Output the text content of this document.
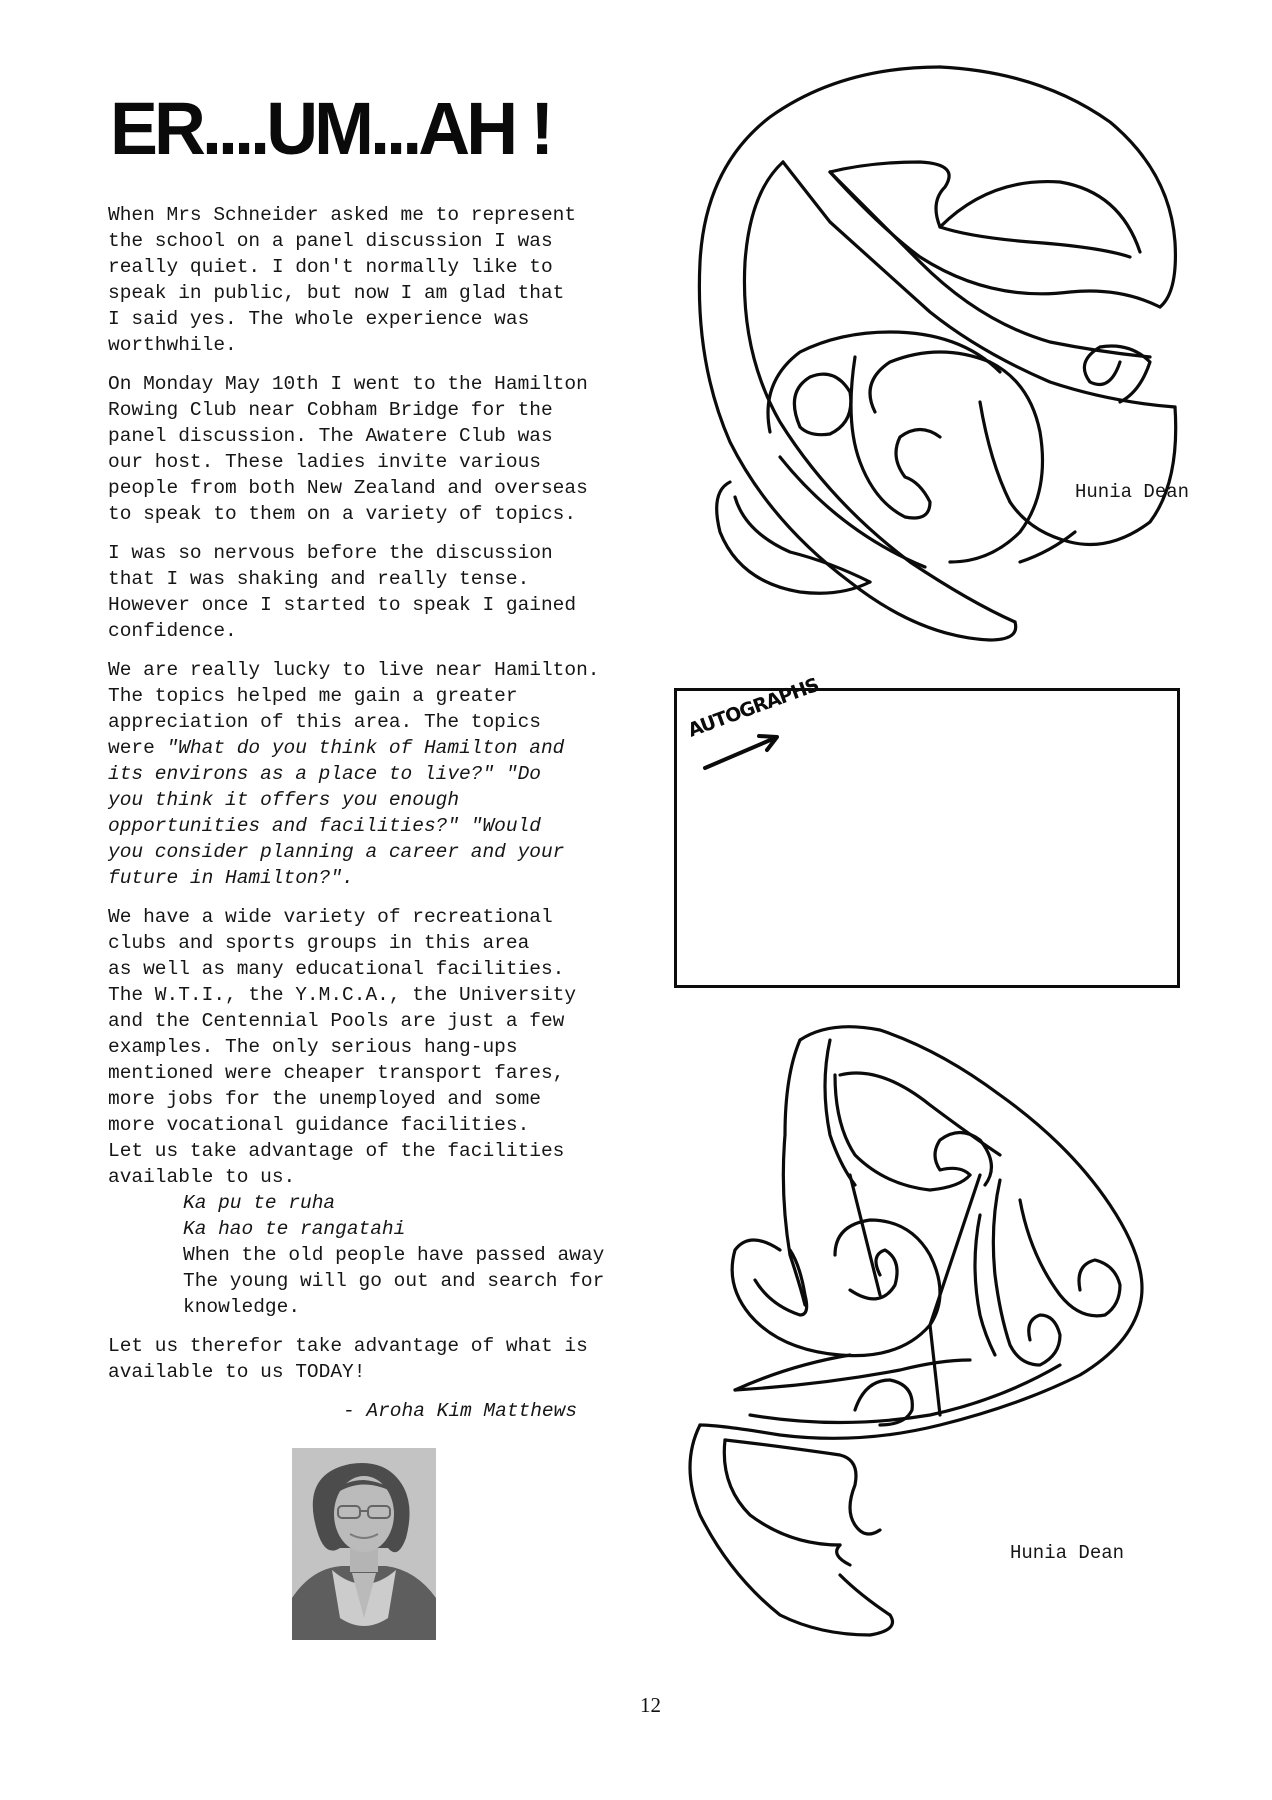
ER....UM...AH !

When Mrs Schneider asked me to represent
the school on a panel discussion I was
really quiet. I don't normally like to
speak in public, but now I am glad that
I said yes. The whole experience was
worthwhile.

On Monday May 10th I went to the Hamilton
Rowing Club near Cobham Bridge for the
panel discussion. The Awatere Club was
our host. These ladies invite various
people from both New Zealand and overseas
to speak to them on a variety of topics.

I was so nervous before the discussion
that I was shaking and really tense.
However once I started to speak I gained
confidence.

We are really lucky to live near Hamilton.
The topics helped me gain a greater
appreciation of this area. The topics
were "What do you think of Hamilton and
its environs as a place to live?" "Do
you think it offers you enough
opportunities and facilities?" "Would
you consider planning a career and your
future in Hamilton?".

We have a wide variety of recreational
clubs and sports groups in this area
as well as many educational facilities.
The W.T.I., the Y.M.C.A., the University
and the Centennial Pools are just a few
examples. The only serious hang-ups
mentioned were cheaper transport fares,
more jobs for the unemployed and some
more vocational guidance facilities.
Let us take advantage of the facilities
available to us.

Ka pu te ruha
Ka hao te rangatahi
When the old people have passed away
The young will go out and search for
knowledge.

Let us therefor take advantage of what is
available to us TODAY!

- Aroha Kim Matthews
Hunia Dean
AUTOGRAPHS
Hunia Dean
12
